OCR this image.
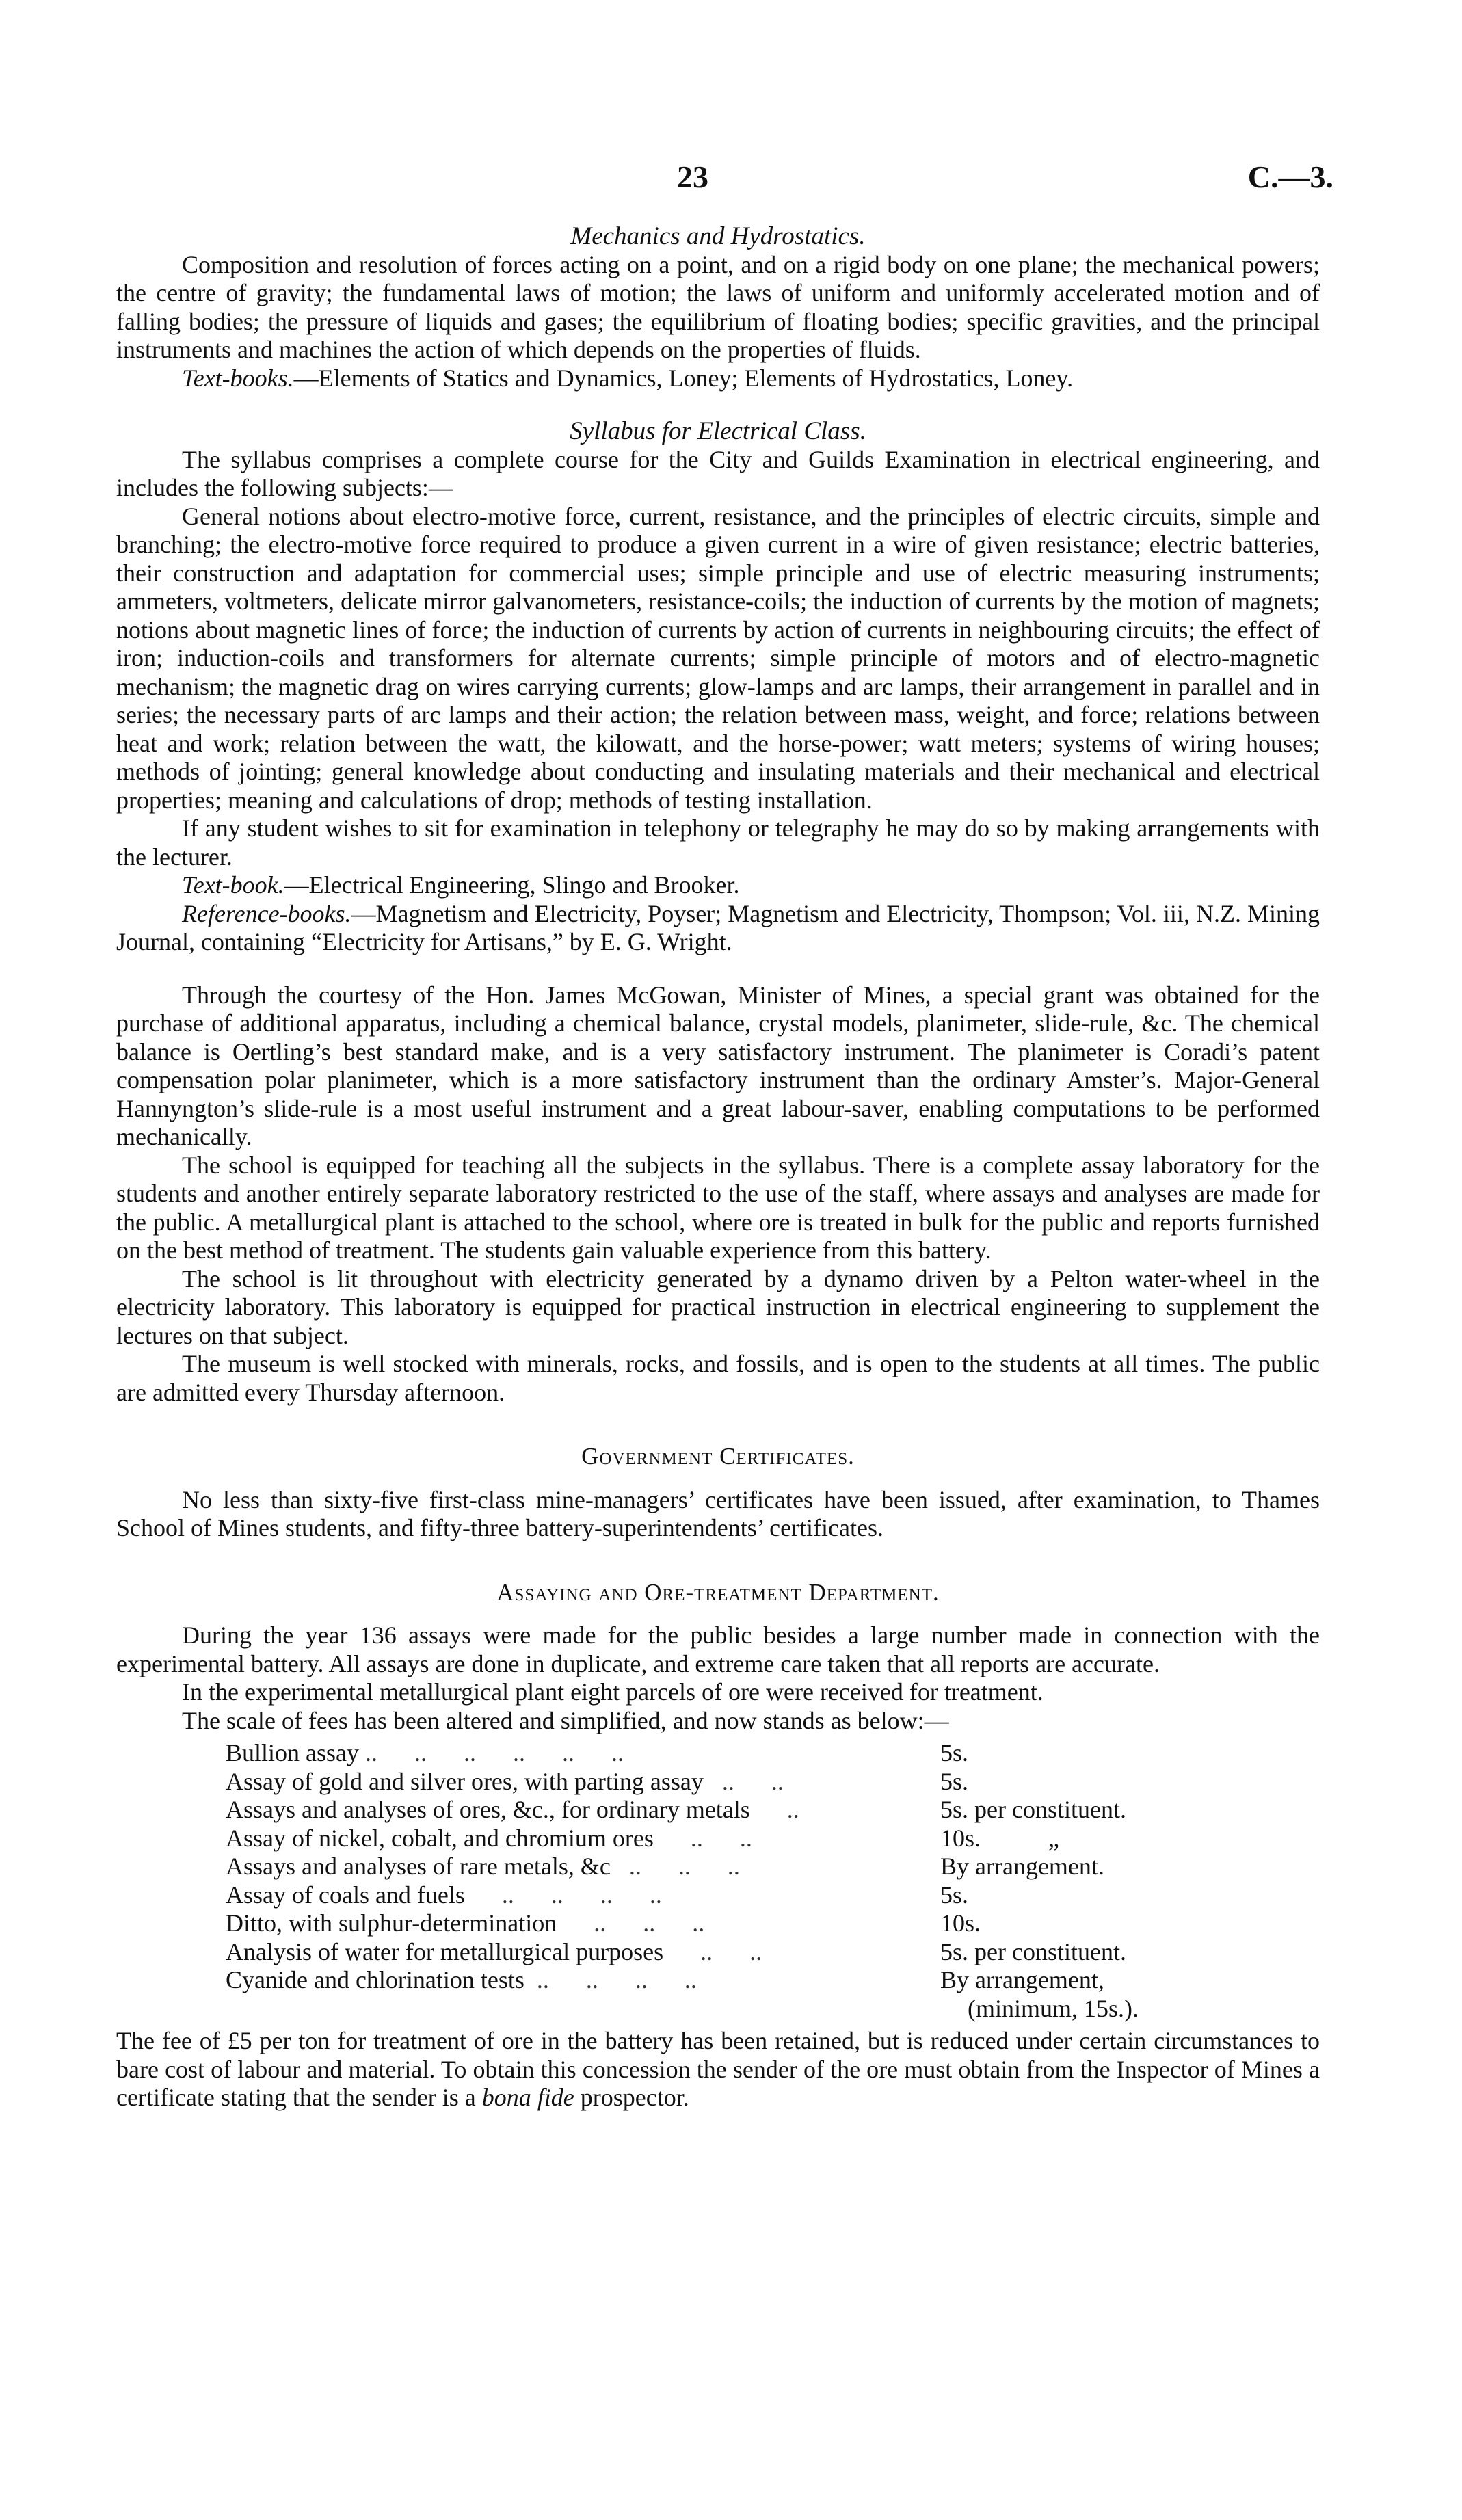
23	C.—3.
Mechanics and Hydrostatics.

Composition and resolution of forces acting on a point, and on a rigid body on one plane; the mechanical powers; the centre of gravity; the fundamental laws of motion; the laws of uniform and uniformly accelerated motion and of falling bodies; the pressure of liquids and gases; the equilibrium of floating bodies; specific gravities, and the principal instruments and machines the action of which depends on the properties of fluids.

Text-books.—Elements of Statics and Dynamics, Loney; Elements of Hydrostatics, Loney.

Syllabus for Electrical Class.

The syllabus comprises a complete course for the City and Guilds Examination in electrical engineering, and includes the following subjects:—

General notions about electro-motive force, current, resistance, and the principles of electric circuits, simple and branching; the electro-motive force required to produce a given current in a wire of given resistance; electric batteries, their construction and adaptation for commercial uses; simple principle and use of electric measuring instruments; ammeters, voltmeters, delicate mirror galvanometers, resistance-coils; the induction of currents by the motion of magnets; notions about magnetic lines of force; the induction of currents by action of currents in neighbouring circuits; the effect of iron; induction-coils and transformers for alternate currents; simple principle of motors and of electro-magnetic mechanism; the magnetic drag on wires carrying currents; glow-lamps and arc lamps, their arrangement in parallel and in series; the necessary parts of arc lamps and their action; the relation between mass, weight, and force; relations between heat and work; relation between the watt, the kilowatt, and the horse-power; watt meters; systems of wiring houses; methods of jointing; general knowledge about conducting and insulating materials and their mechanical and electrical properties; meaning and calculations of drop; methods of testing installation.

If any student wishes to sit for examination in telephony or telegraphy he may do so by making arrangements with the lecturer.

Text-book.—Electrical Engineering, Slingo and Brooker.

Reference-books.—Magnetism and Electricity, Poyser; Magnetism and Electricity, Thompson; Vol. iii, N.Z. Mining Journal, containing “Electricity for Artisans,” by E. G. Wright.

Through the courtesy of the Hon. James McGowan, Minister of Mines, a special grant was obtained for the purchase of additional apparatus, including a chemical balance, crystal models, planimeter, slide-rule, &c. The chemical balance is Oertling’s best standard make, and is a very satisfactory instrument. The planimeter is Coradi’s patent compensation polar planimeter, which is a more satisfactory instrument than the ordinary Amster’s. Major-General Hannyngton’s slide-rule is a most useful instrument and a great labour-saver, enabling computations to be performed mechanically.

The school is equipped for teaching all the subjects in the syllabus. There is a complete assay laboratory for the students and another entirely separate laboratory restricted to the use of the staff, where assays and analyses are made for the public. A metallurgical plant is attached to the school, where ore is treated in bulk for the public and reports furnished on the best method of treatment. The students gain valuable experience from this battery.

The school is lit throughout with electricity generated by a dynamo driven by a Pelton water-wheel in the electricity laboratory. This laboratory is equipped for practical instruction in electrical engineering to supplement the lectures on that subject.

The museum is well stocked with minerals, rocks, and fossils, and is open to the students at all times. The public are admitted every Thursday afternoon.

Government Certificates.

No less than sixty-five first-class mine-managers’ certificates have been issued, after examination, to Thames School of Mines students, and fifty-three battery-superintendents’ certificates.

Assaying and Ore-treatment Department.

During the year 136 assays were made for the public besides a large number made in connection with the experimental battery. All assays are done in duplicate, and extreme care taken that all reports are accurate.

In the experimental metallurgical plant eight parcels of ore were received for treatment.

The scale of fees has been altered and simplified, and now stands as below:—

Bullion assay ..      ..      ..      ..      ..      ..	5s.
Assay of gold and silver ores, with parting assay   ..      ..	5s.
Assays and analyses of ores, &c., for ordinary metals      ..	5s. per constituent.
Assay of nickel, cobalt, and chromium ores      ..      ..	10s.           „
Assays and analyses of rare metals, &c   ..      ..      ..	By arrangement.
Assay of coals and fuels      ..      ..      ..      ..	5s.
Ditto, with sulphur-determination      ..      ..      ..	10s.
Analysis of water for metallurgical purposes      ..      ..	5s. per constituent.
Cyanide and chlorination tests  ..      ..      ..      ..	By arrangement,
	(minimum, 15s.).

The fee of £5 per ton for treatment of ore in the battery has been retained, but is reduced under certain circumstances to bare cost of labour and material. To obtain this concession the sender of the ore must obtain from the Inspector of Mines a certificate stating that the sender is a bona fide prospector.
